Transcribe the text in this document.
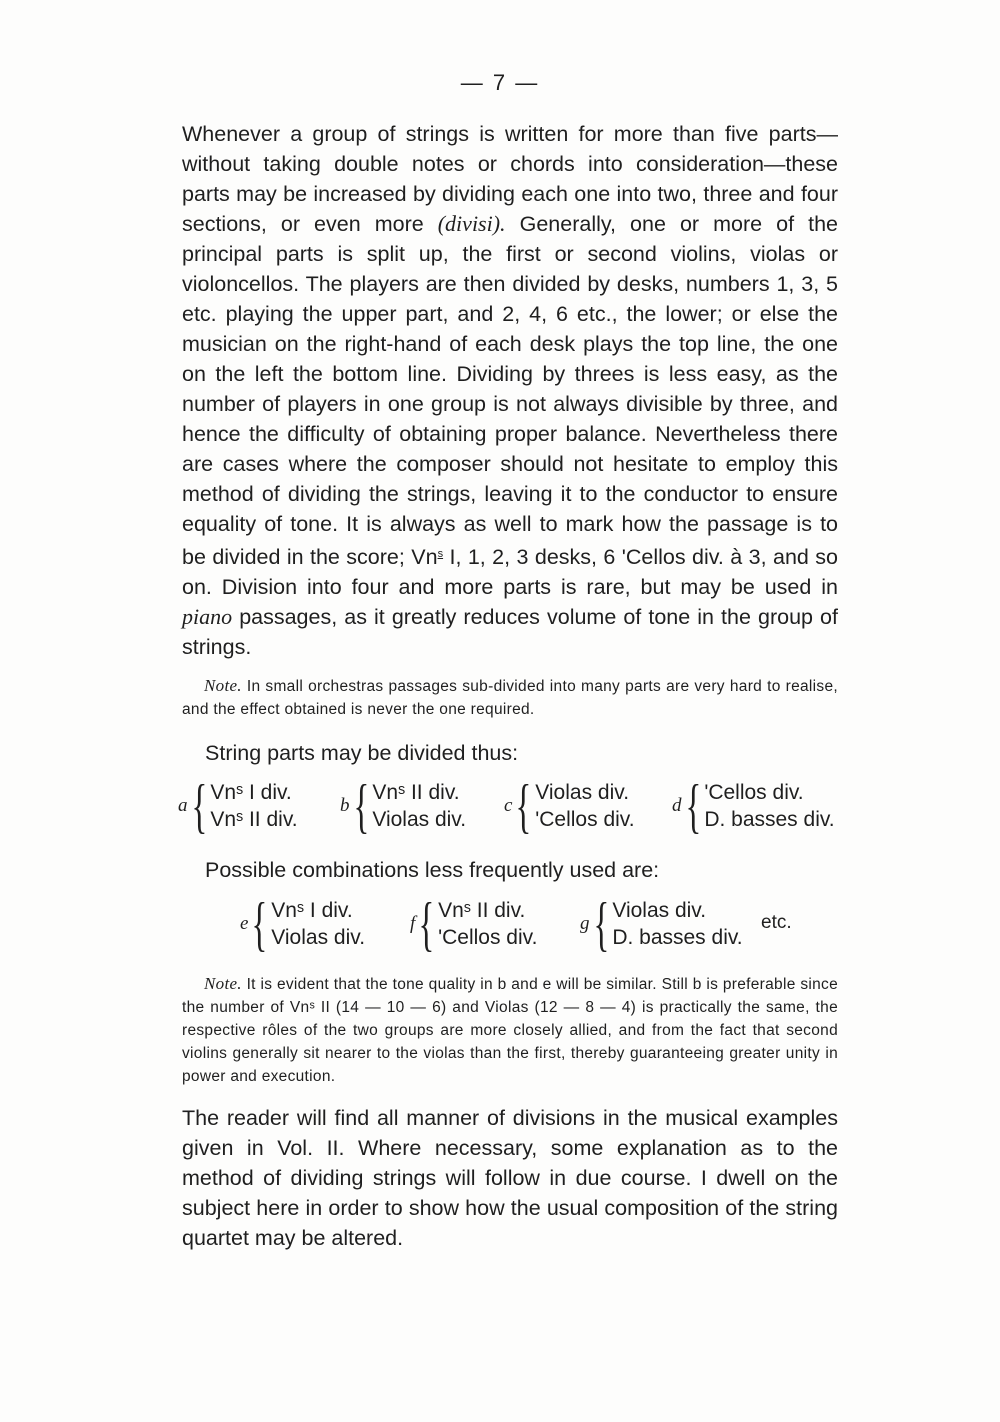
— 7 —

Whenever a group of strings is written for more than five parts—without taking double notes or chords into consideration—these parts may be increased by dividing each one into two, three and four sections, or even more (divisi). Generally, one or more of the principal parts is split up, the first or second violins, violas or violoncellos. The players are then divided by desks, numbers 1, 3, 5 etc. playing the upper part, and 2, 4, 6 etc., the lower; or else the musician on the right-hand of each desk plays the top line, the one on the left the bottom line. Dividing by threes is less easy, as the number of players in one group is not always divisible by three, and hence the difficulty of obtaining proper balance. Nevertheless there are cases where the composer should not hesitate to employ this method of dividing the strings, leaving it to the conductor to ensure equality of tone. It is always as well to mark how the passage is to be divided in the score; Vn$^s$ I, 1, 2, 3 desks, 6 'Cellos div. à 3, and so on. Division into four and more parts is rare, but may be used in piano passages, as it greatly reduces volume of tone in the group of strings.

Note. In small orchestras passages sub-divided into many parts are very hard to realise, and the effect obtained is never the one required.

String parts may be divided thus:

a { Vnˢ I div.
Vnˢ II div.
b { Vnˢ II div.
Violas div.
c { Violas div.
'Cellos div.
d { 'Cellos div.
D. basses div.

Possible combinations less frequently used are:

e { Vnˢ I div.
Violas div.
f { Vnˢ II div.
'Cellos div.
g { Violas div.
D. basses div.
etc.

Note. It is evident that the tone quality in b and e will be similar. Still b is preferable since the number of Vnˢ II (14 — 10 — 6) and Violas (12 — 8 — 4) is practically the same, the respective rôles of the two groups are more closely allied, and from the fact that second violins generally sit nearer to the violas than the first, thereby guaranteeing greater unity in power and execution.

The reader will find all manner of divisions in the musical examples given in Vol. II. Where necessary, some explanation as to the method of dividing strings will follow in due course. I dwell on the subject here in order to show how the usual composition of the string quartet may be altered.
